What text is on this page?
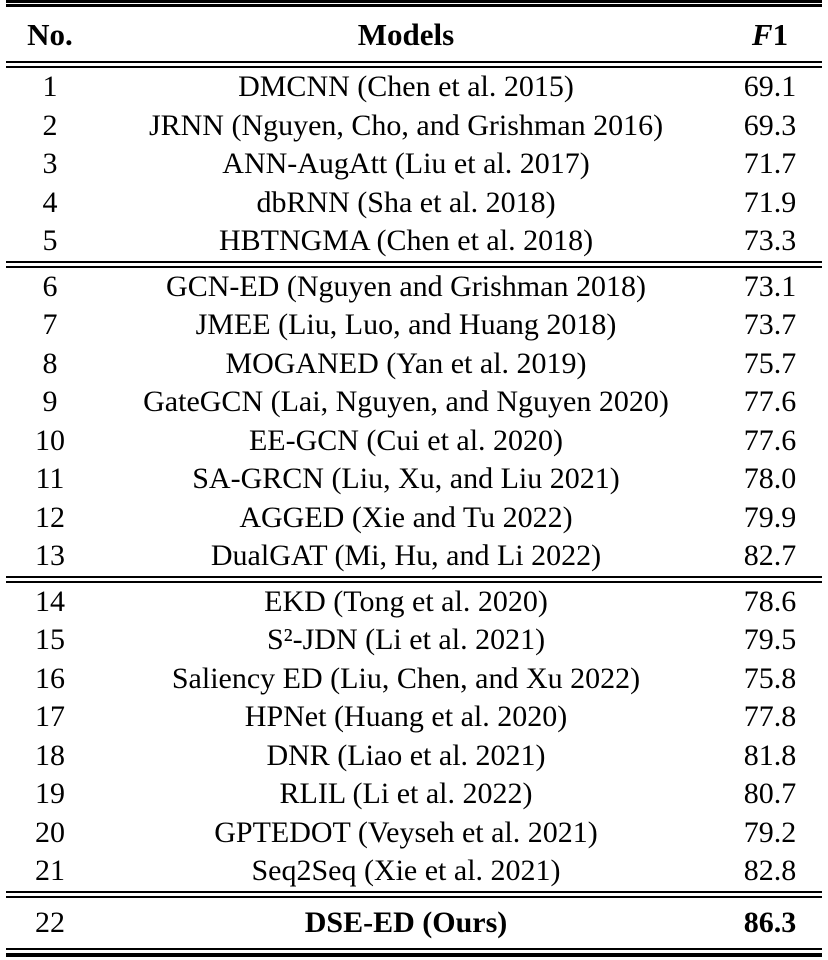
No.	Models	F1
1	DMCNN (Chen et al. 2015)	69.1
2	JRNN (Nguyen, Cho, and Grishman 2016)	69.3
3	ANN-AugAtt (Liu et al. 2017)	71.7
4	dbRNN (Sha et al. 2018)	71.9
5	HBTNGMA (Chen et al. 2018)	73.3
6	GCN-ED (Nguyen and Grishman 2018)	73.1
7	JMEE (Liu, Luo, and Huang 2018)	73.7
8	MOGANED (Yan et al. 2019)	75.7
9	GateGCN (Lai, Nguyen, and Nguyen 2020)	77.6
10	EE-GCN (Cui et al. 2020)	77.6
11	SA-GRCN (Liu, Xu, and Liu 2021)	78.0
12	AGGED (Xie and Tu 2022)	79.9
13	DualGAT (Mi, Hu, and Li 2022)	82.7
14	EKD (Tong et al. 2020)	78.6
15	S²-JDN (Li et al. 2021)	79.5
16	Saliency ED (Liu, Chen, and Xu 2022)	75.8
17	HPNet (Huang et al. 2020)	77.8
18	DNR (Liao et al. 2021)	81.8
19	RLIL (Li et al. 2022)	80.7
20	GPTEDOT (Veyseh et al. 2021)	79.2
21	Seq2Seq (Xie et al. 2021)	82.8
22	DSE-ED (Ours)	86.3
